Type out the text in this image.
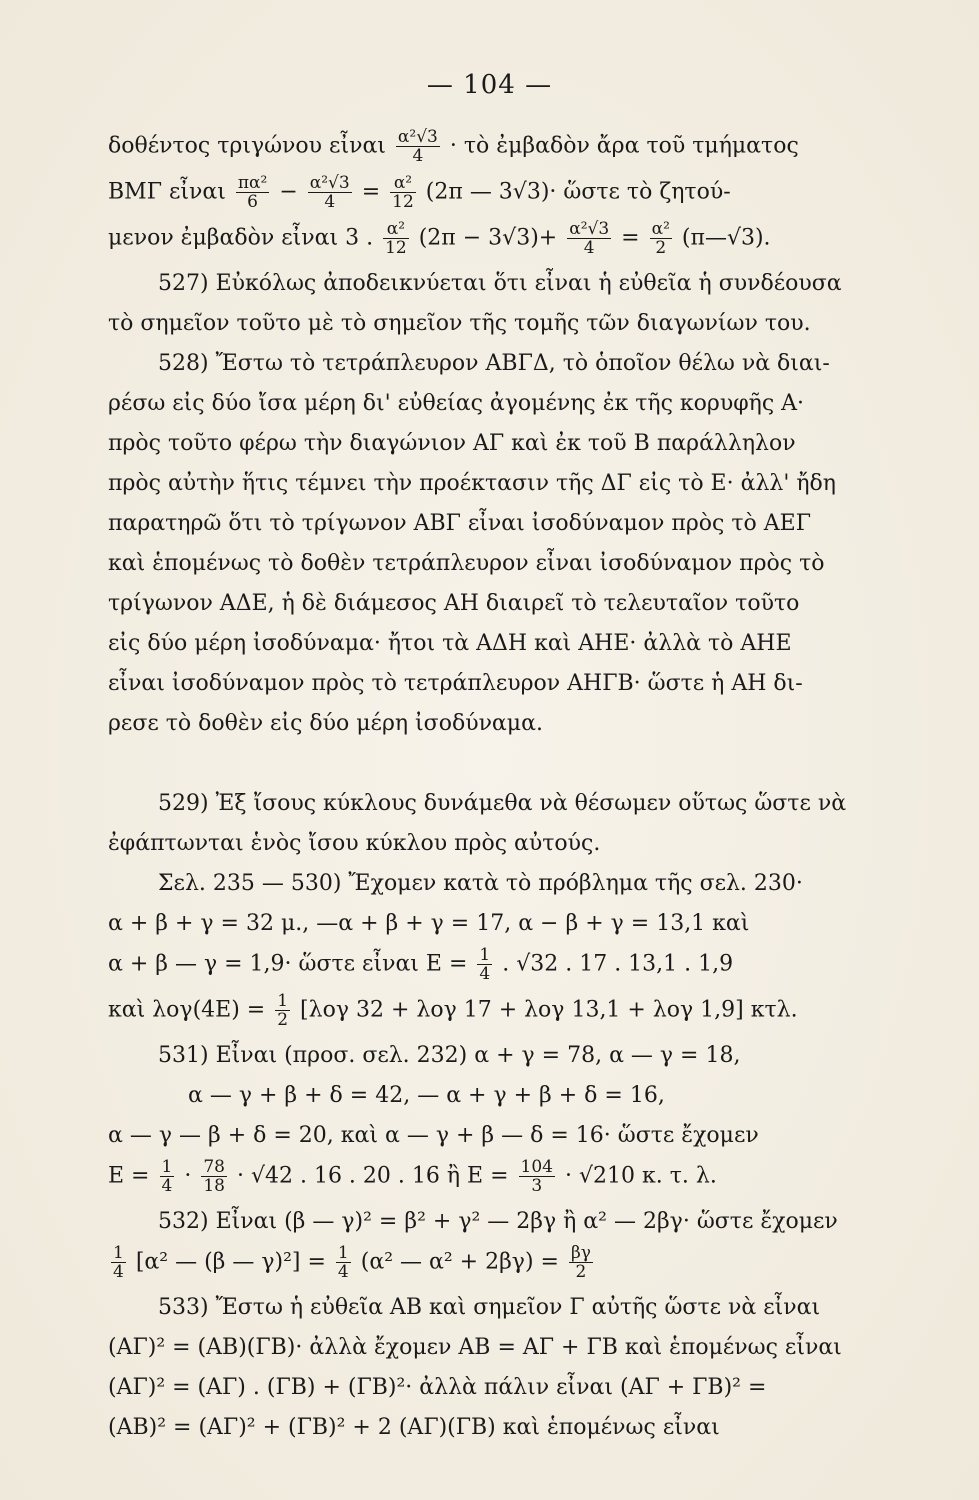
— 104 —
δοθέντος τριγώνου εἶναι $\frac{\text{α²√3}}{4}$ · τὸ ἐμβαδὸν ἄρα τοῦ τμήματος
ΒΜΓ εἶναι $\frac{\text{πα²}}{6} - \frac{\text{α²√3}}{4} = \frac{\text{α²}}{12} (2\pi$ — 3√3)· ὥστε τὸ ζητού-
μενον ἐμβαδὸν εἶναι 3 . $\frac{\text{α²}}{12} (2\pi - 3√3)+ \frac{\text{α²√3}}{4} = \frac{\text{α²}}{2}$ (π—√3).
527) Εὐκόλως ἀποδεικνύεται ὅτι εἶναι ἡ εὐθεῖα ἡ συνδέουσα
τὸ σημεῖον τοῦτο μὲ τὸ σημεῖον τῆς τομῆς τῶν διαγωνίων του.
528) Ἔστω τὸ τετράπλευρον ΑΒΓΔ, τὸ ὁποῖον θέλω νὰ διαι-
ρέσω εἰς δύο ἴσα μέρη δι' εὐθείας ἀγομένης ἐκ τῆς κορυφῆς Α·
πρὸς τοῦτο φέρω τὴν διαγώνιον ΑΓ καὶ ἐκ τοῦ Β παράλληλον
πρὸς αὐτὴν ἥτις τέμνει τὴν προέκτασιν τῆς ΔΓ εἰς τὸ Ε· ἀλλ' ἤδη
παρατηρῶ ὅτι τὸ τρίγωνον ΑΒΓ εἶναι ἰσοδύναμον πρὸς τὸ ΑΕΓ
καὶ ἑπομένως τὸ δοθὲν τετράπλευρον εἶναι ἰσοδύναμον πρὸς τὸ
τρίγωνον ΑΔΕ, ἡ δὲ διάμεσος ΑΗ διαιρεῖ τὸ τελευταῖον τοῦτο
εἰς δύο μέρη ἰσοδύναμα· ἤτοι τὰ ΑΔΗ καὶ ΑΗΕ· ἀλλὰ τὸ ΑΗΕ
εἶναι ἰσοδύναμον πρὸς τὸ τετράπλευρον ΑΗΓΒ· ὥστε ἡ ΑΗ δι-
ρεσε τὸ δοθὲν εἰς δύο μέρη ἰσοδύναμα.
529) Ἐξ ἴσους κύκλους δυνάμεθα νὰ θέσωμεν οὕτως ὥστε νὰ
ἐφάπτωνται ἑνὸς ἴσου κύκλου πρὸς αὐτούς.
Σελ. 235 — 530) Ἔχομεν κατὰ τὸ πρόβλημα τῆς σελ. 230·
α + β + γ = 32 μ., —α + β + γ = 17, α − β + γ = 13,1 καὶ
α + β — γ = 1,9· ὥστε εἶναι $E = \frac{1}{4}$ . √32 . 17 . 13,1 . 1,9
καὶ $\lambda o\gamma(4E) = \frac{1}{2} [\lambda o\gamma$ 32 + λογ 17 + λογ 13,1 + λογ 1,9] κτλ.
531) Εἶναι (προσ. σελ. 232) α + γ = 78, α — γ = 18,
α — γ + β + δ = 42, — α + γ + β + δ = 16,
α — γ — β + δ = 20, καὶ α — γ + β — δ = 16· ὥστε ἔχομεν
$E = \frac{1}{4} \cdot \frac{78}{18} \cdot √42$ . 16 . 20 . 16 ἢ $E = \frac{104}{3} \cdot √210$ κ. τ. λ.
532) Εἶναι (β — γ)² = β² + γ² — 2βγ ἢ α² — 2βγ· ὥστε ἔχομεν
$\frac{1}{4} [\alpha^2$ — (β — $\gamma)^2] = \frac{1}{4} (\alpha^2$ — $\alpha^2 + 2\beta\gamma) = \frac{\beta\gamma}{2}$
533) Ἔστω ἡ εὐθεῖα ΑΒ καὶ σημεῖον Γ αὐτῆς ὥστε νὰ εἶναι
(ΑΓ)² = (ΑΒ)(ΓΒ)· ἀλλὰ ἔχομεν ΑΒ = ΑΓ + ΓΒ καὶ ἑπομένως εἶναι
(ΑΓ)² = (ΑΓ) . (ΓΒ) + (ΓΒ)²· ἀλλὰ πάλιν εἶναι (ΑΓ + ΓΒ)² =
(ΑΒ)² = (ΑΓ)² + (ΓΒ)² + 2 (ΑΓ)(ΓΒ) καὶ ἑπομένως εἶναι
